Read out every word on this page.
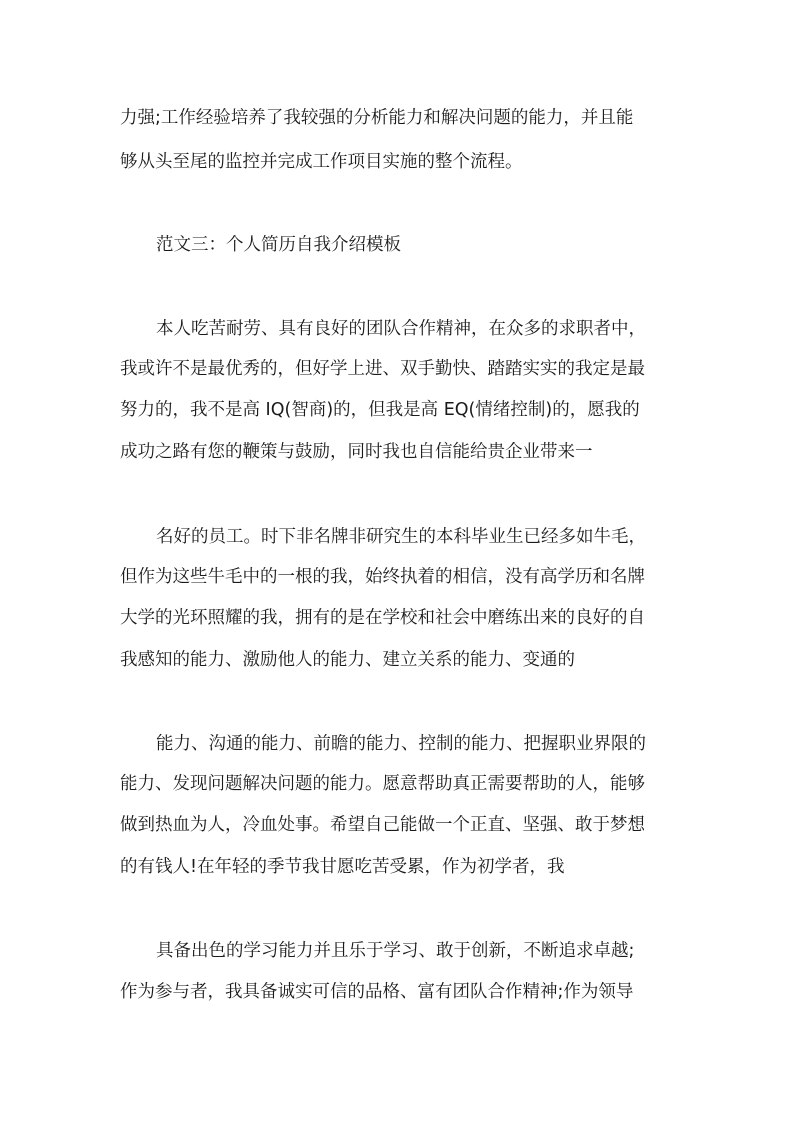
力强;工作经验培养了我较强的分析能力和解决问题的能力，并且能
够从头至尾的监控并完成工作项目实施的整个流程。
范文三：个人简历自我介绍模板
本人吃苦耐劳、具有良好的团队合作精神，在众多的求职者中，
我或许不是最优秀的，但好学上进、双手勤快、踏踏实实的我定是最
努力的，我不是高 IQ(智商)的，但我是高 EQ(情绪控制)的，愿我的
成功之路有您的鞭策与鼓励，同时我也自信能给贵企业带来一
名好的员工。时下非名牌非研究生的本科毕业生已经多如牛毛，
但作为这些牛毛中的一根的我，始终执着的相信，没有高学历和名牌
大学的光环照耀的我，拥有的是在学校和社会中磨练出来的良好的自
我感知的能力、激励他人的能力、建立关系的能力、变通的
能力、沟通的能力、前瞻的能力、控制的能力、把握职业界限的
能力、发现问题解决问题的能力。愿意帮助真正需要帮助的人，能够
做到热血为人，冷血处事。希望自己能做一个正直、坚强、敢于梦想
的有钱人!在年轻的季节我甘愿吃苦受累，作为初学者，我
具备出色的学习能力并且乐于学习、敢于创新，不断追求卓越;
作为参与者，我具备诚实可信的品格、富有团队合作精神;作为领导
